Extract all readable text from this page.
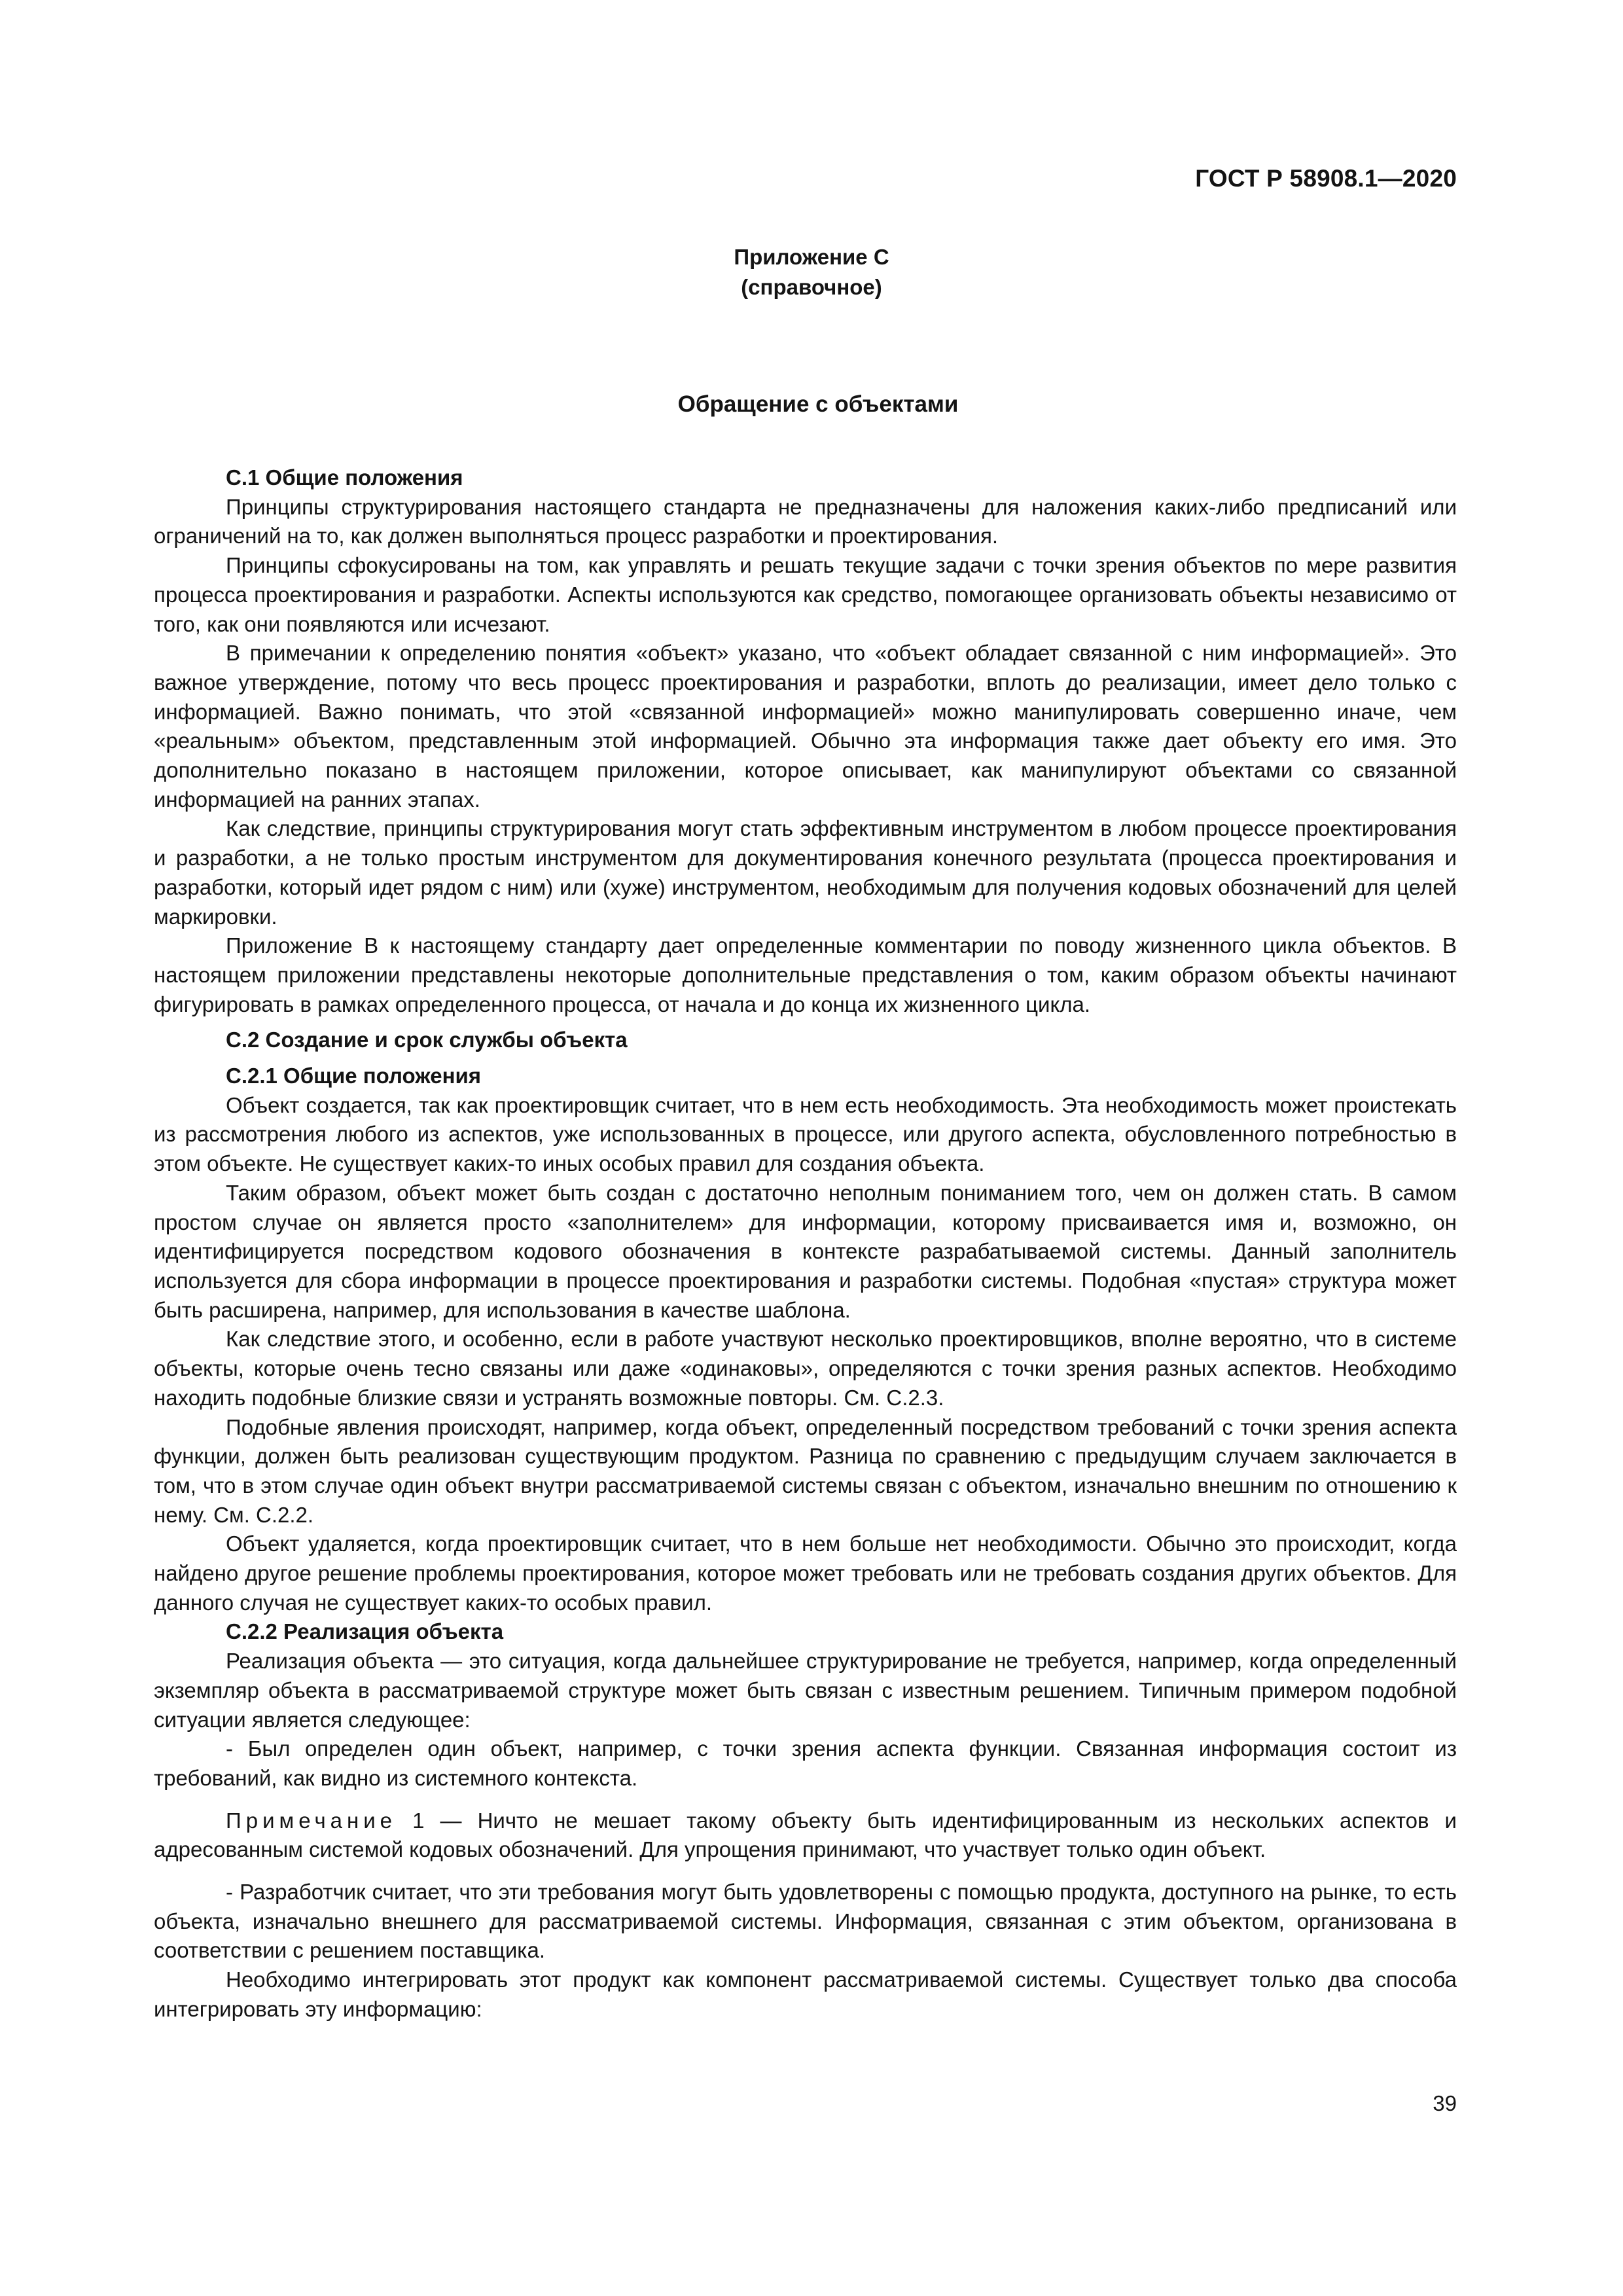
ГОСТ Р 58908.1—2020
Приложение С
(справочное)
Обращение с объектами

С.1 Общие положения

Принципы структурирования настоящего стандарта не предназначены для наложения каких-либо предписаний или ограничений на то, как должен выполняться процесс разработки и проектирования.

Принципы сфокусированы на том, как управлять и решать текущие задачи с точки зрения объектов по мере развития процесса проектирования и разработки. Аспекты используются как средство, помогающее организовать объекты независимо от того, как они появляются или исчезают.

В примечании к определению понятия «объект» указано, что «объект обладает связанной с ним информацией». Это важное утверждение, потому что весь процесс проектирования и разработки, вплоть до реализации, имеет дело только с информацией. Важно понимать, что этой «связанной информацией» можно манипулировать совершенно иначе, чем «реальным» объектом, представленным этой информацией. Обычно эта информация также дает объекту его имя. Это дополнительно показано в настоящем приложении, которое описывает, как манипулируют объектами со связанной информацией на ранних этапах.

Как следствие, принципы структурирования могут стать эффективным инструментом в любом процессе проектирования и разработки, а не только простым инструментом для документирования конечного результата (процесса проектирования и разработки, который идет рядом с ним) или (хуже) инструментом, необходимым для получения кодовых обозначений для целей маркировки.

Приложение В к настоящему стандарту дает определенные комментарии по поводу жизненного цикла объектов. В настоящем приложении представлены некоторые дополнительные представления о том, каким образом объекты начинают фигурировать в рамках определенного процесса, от начала и до конца их жизненного цикла.

С.2 Создание и срок службы объекта

С.2.1 Общие положения

Объект создается, так как проектировщик считает, что в нем есть необходимость. Эта необходимость может проистекать из рассмотрения любого из аспектов, уже использованных в процессе, или другого аспекта, обусловленного потребностью в этом объекте. Не существует каких-то иных особых правил для создания объекта.

Таким образом, объект может быть создан с достаточно неполным пониманием того, чем он должен стать. В самом простом случае он является просто «заполнителем» для информации, которому присваивается имя и, возможно, он идентифицируется посредством кодового обозначения в контексте разрабатываемой системы. Данный заполнитель используется для сбора информации в процессе проектирования и разработки системы. Подобная «пустая» структура может быть расширена, например, для использования в качестве шаблона.

Как следствие этого, и особенно, если в работе участвуют несколько проектировщиков, вполне вероятно, что в системе объекты, которые очень тесно связаны или даже «одинаковы», определяются с точки зрения разных аспектов. Необходимо находить подобные близкие связи и устранять возможные повторы. См. С.2.3.

Подобные явления происходят, например, когда объект, определенный посредством требований с точки зрения аспекта функции, должен быть реализован существующим продуктом. Разница по сравнению с предыдущим случаем заключается в том, что в этом случае один объект внутри рассматриваемой системы связан с объектом, изначально внешним по отношению к нему. См. С.2.2.

Объект удаляется, когда проектировщик считает, что в нем больше нет необходимости. Обычно это происходит, когда найдено другое решение проблемы проектирования, которое может требовать или не требовать создания других объектов. Для данного случая не существует каких-то особых правил.

С.2.2 Реализация объекта

Реализация объекта — это ситуация, когда дальнейшее структурирование не требуется, например, когда определенный экземпляр объекта в рассматриваемой структуре может быть связан с известным решением. Типичным примером подобной ситуации является следующее:

- Был определен один объект, например, с точки зрения аспекта функции. Связанная информация состоит из требований, как видно из системного контекста.

Примечание 1 — Ничто не мешает такому объекту быть идентифицированным из нескольких аспектов и адресованным системой кодовых обозначений. Для упрощения принимают, что участвует только один объект.

- Разработчик считает, что эти требования могут быть удовлетворены с помощью продукта, доступного на рынке, то есть объекта, изначально внешнего для рассматриваемой системы. Информация, связанная с этим объектом, организована в соответствии с решением поставщика.

Необходимо интегрировать этот продукт как компонент рассматриваемой системы. Существует только два способа интегрировать эту информацию:

39
